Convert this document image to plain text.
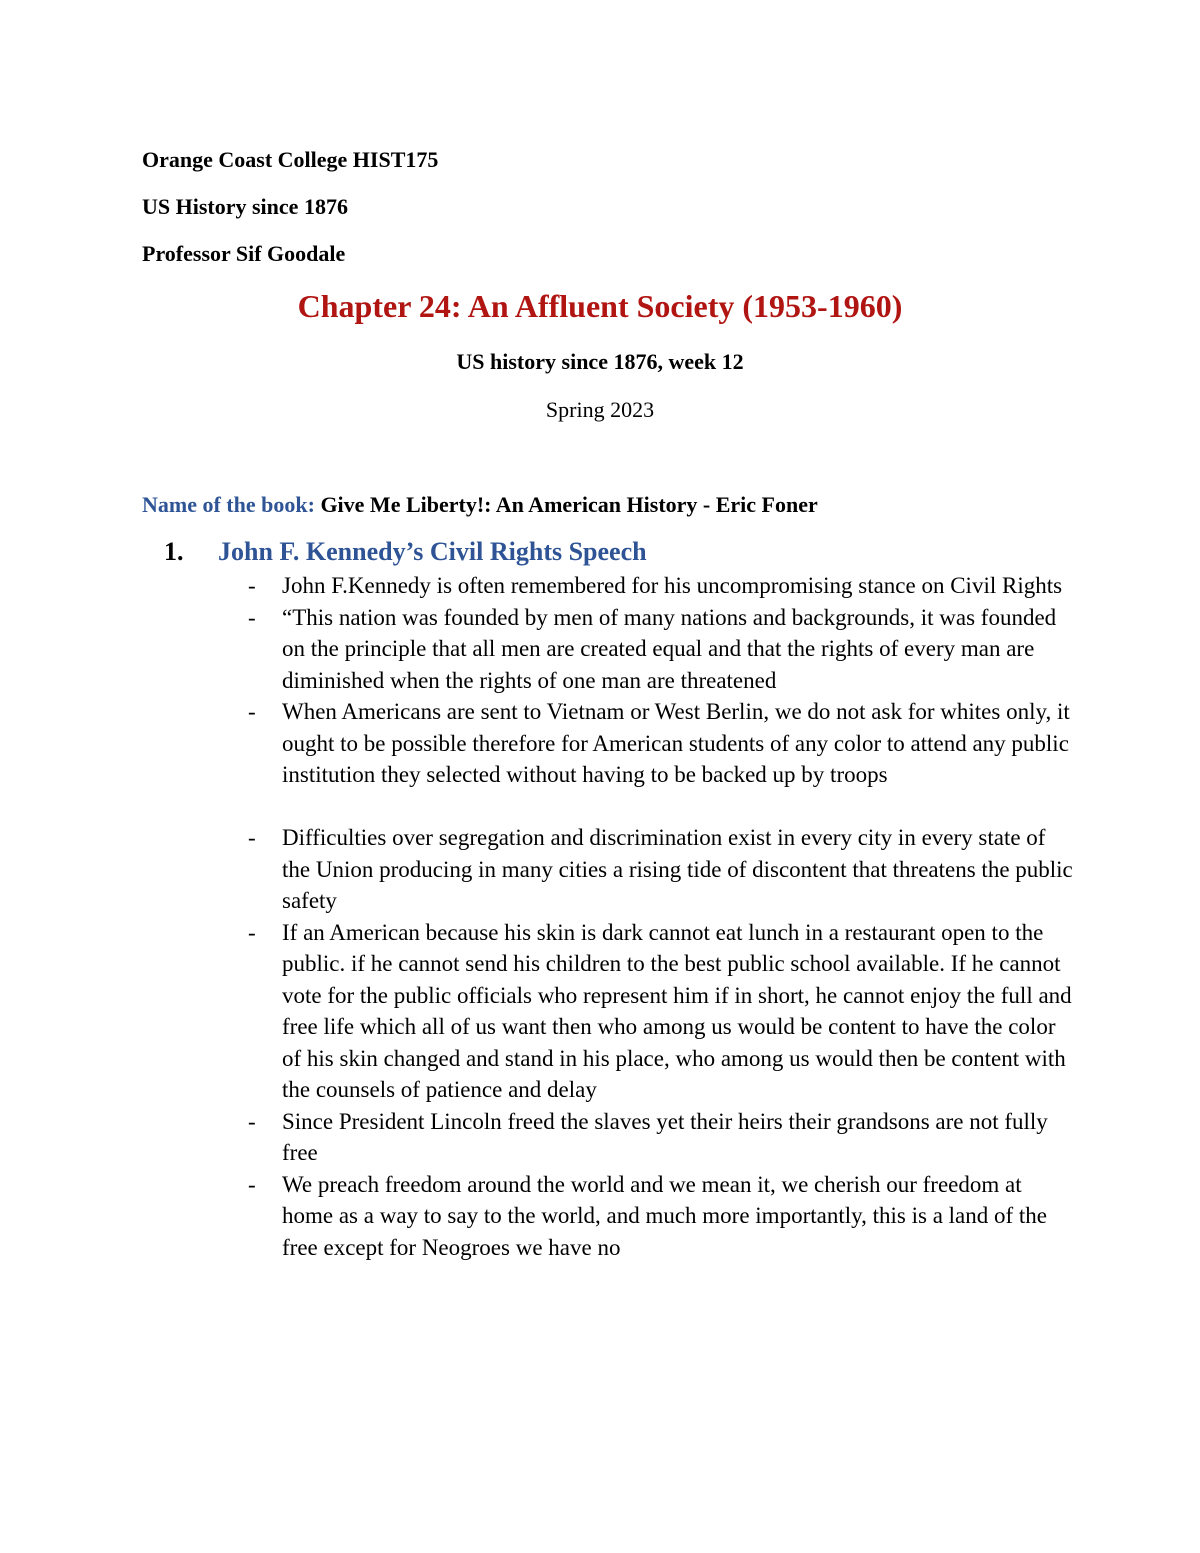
Orange Coast College HIST175
US History since 1876
Professor Sif Goodale
Chapter 24: An Affluent Society (1953-1960)
US history since 1876, week 12
Spring 2023
Name of the book: Give Me Liberty!: An American History - Eric Foner
1. John F. Kennedy’s Civil Rights Speech
- John F.Kennedy is often remembered for his uncompromising stance on Civil Rights
- “This nation was founded by men of many nations and backgrounds, it was founded on the principle that all men are created equal and that the rights of every man are diminished when the rights of one man are threatened
- When Americans are sent to Vietnam or West Berlin, we do not ask for whites only, it ought to be possible therefore for American students of any color to attend any public institution they selected without having to be backed up by troops
- Difficulties over segregation and discrimination exist in every city in every state of the Union producing in many cities a rising tide of discontent that threatens the public safety
- If an American because his skin is dark cannot eat lunch in a restaurant open to the public. if he cannot send his children to the best public school available. If he cannot vote for the public officials who represent him if in short, he cannot enjoy the full and free life which all of us want then who among us would be content to have the color of his skin changed and stand in his place, who among us would then be content with the counsels of patience and delay
- Since President Lincoln freed the slaves yet their heirs their grandsons are not fully free
- We preach freedom around the world and we mean it, we cherish our freedom at home as a way to say to the world, and much more importantly, this is a land of the free except for Neogroes we have no
